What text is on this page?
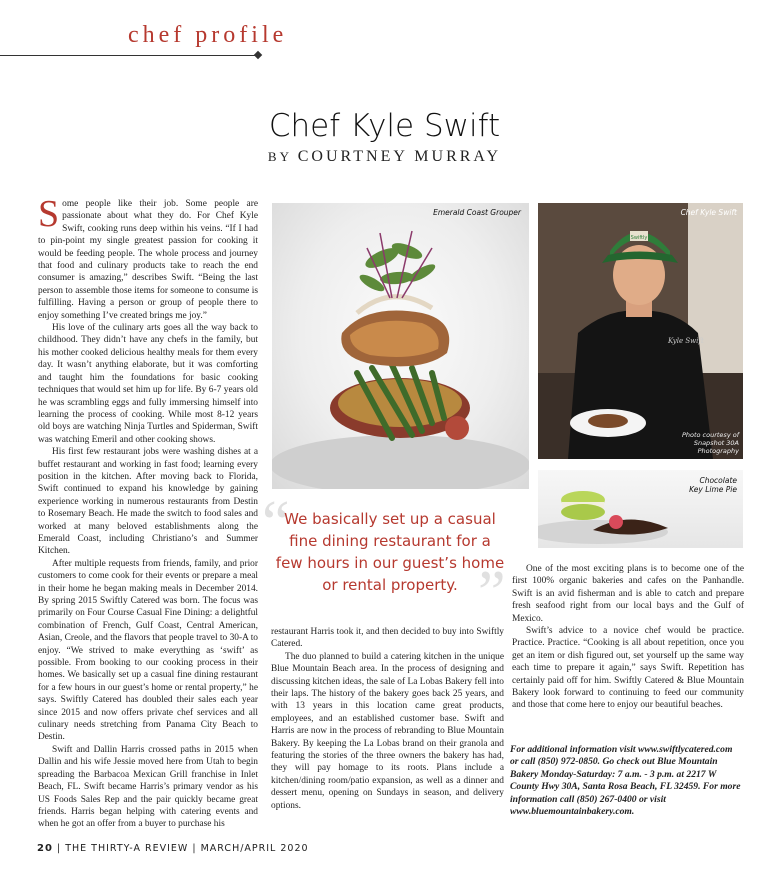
chef profile
Chef Kyle Swift
BY COURTNEY MURRAY

Some people like their job. Some people are passionate about what they do. For Chef Kyle Swift, cooking runs deep within his veins. “If I had to pin-point my single greatest passion for cooking it would be feeding people. The whole process and journey that food and culinary products take to reach the end consumer is amazing,” describes Swift. “Being the last person to assemble those items for someone to consume is fulfilling. Having a person or group of people there to enjoy something I’ve created brings me joy.”

His love of the culinary arts goes all the way back to childhood. They didn’t have any chefs in the family, but his mother cooked delicious healthy meals for them every day. It wasn’t anything elaborate, but it was comforting and taught him the foundations for basic cooking techniques that would set him up for life. By 6-7 years old he was scrambling eggs and fully immersing himself into learning the process of cooking. While most 8-12 years old boys are watching Ninja Turtles and Spiderman, Swift was watching Emeril and other cooking shows.

His first few restaurant jobs were washing dishes at a buffet restaurant and working in fast food; learning every position in the kitchen. After moving back to Florida, Swift continued to expand his knowledge by gaining experience working in numerous restaurants from Destin to Rosemary Beach. He made the switch to food sales and worked at many beloved establishments along the Emerald Coast, including Christiano’s and Summer Kitchen.

After multiple requests from friends, family, and prior customers to come cook for their events or prepare a meal in their home he began making meals in December 2014. By spring 2015 Swiftly Catered was born. The focus was primarily on Four Course Casual Fine Dining: a delightful combination of French, Gulf Coast, Central American, Asian, Creole, and the flavors that people travel to 30-A to enjoy. “We strived to make everything as ‘swift’ as possible. From booking to our cooking process in their homes. We basically set up a casual fine dining restaurant for a few hours in our guest’s home or rental property,” he says. Swiftly Catered has doubled their sales each year since 2015 and now offers private chef services and all culinary needs stretching from Panama City Beach to Destin.

Swift and Dallin Harris crossed paths in 2015 when Dallin and his wife Jessie moved here from Utah to begin spreading the Barbacoa Mexican Grill franchise in Inlet Beach, FL. Swift became Harris’s primary vendor as his US Foods Sales Rep and the pair quickly became great friends. Harris began helping with catering events and when he got an offer from a buyer to purchase his

Emerald Coast Grouper
Swiftly
Kyle Swift
Chef Kyle Swift
Photo courtesy of Snapshot 30A Photography
Chocolate
Key Lime Pie
“
”
We basically set up a casual fine dining restaurant for a few hours in our guest’s home or rental property.

restaurant Harris took it, and then decided to buy into Swiftly Catered.

The duo planned to build a catering kitchen in the unique Blue Mountain Beach area. In the process of designing and discussing kitchen ideas, the sale of La Lobas Bakery fell into their laps. The history of the bakery goes back 25 years, and with 13 years in this location came great products, employees, and an established customer base. Swift and Harris are now in the process of rebranding to Blue Mountain Bakery. By keeping the La Lobas brand on their granola and featuring the stories of the three owners the bakery has had, they will pay homage to its roots. Plans include a kitchen/dining room/patio expansion, as well as a dinner and dessert menu, opening on Sundays in season, and delivery options.

One of the most exciting plans is to become one of the first 100% organic bakeries and cafes on the Panhandle. Swift is an avid fisherman and is able to catch and prepare fresh seafood right from our local bays and the Gulf of Mexico.

Swift’s advice to a novice chef would be practice. Practice. Practice. “Cooking is all about repetition, once you get an item or dish figured out, set yourself up the same way each time to prepare it again,” says Swift. Repetition has certainly paid off for him. Swiftly Catered & Blue Mountain Bakery look forward to continuing to feed our community and those that come here to enjoy our beautiful beaches.

For additional information visit www.swiftlycatered.com or call (850) 972-0850. Go check out Blue Mountain Bakery Monday-Saturday: 7 a.m. - 3 p.m. at 2217 W County Hwy 30A, Santa Rosa Beach, FL 32459. For more information call (850) 267-0400 or visit www.bluemountainbakery.com.
20 | THE THIRTY-A REVIEW | MARCH/APRIL 2020
